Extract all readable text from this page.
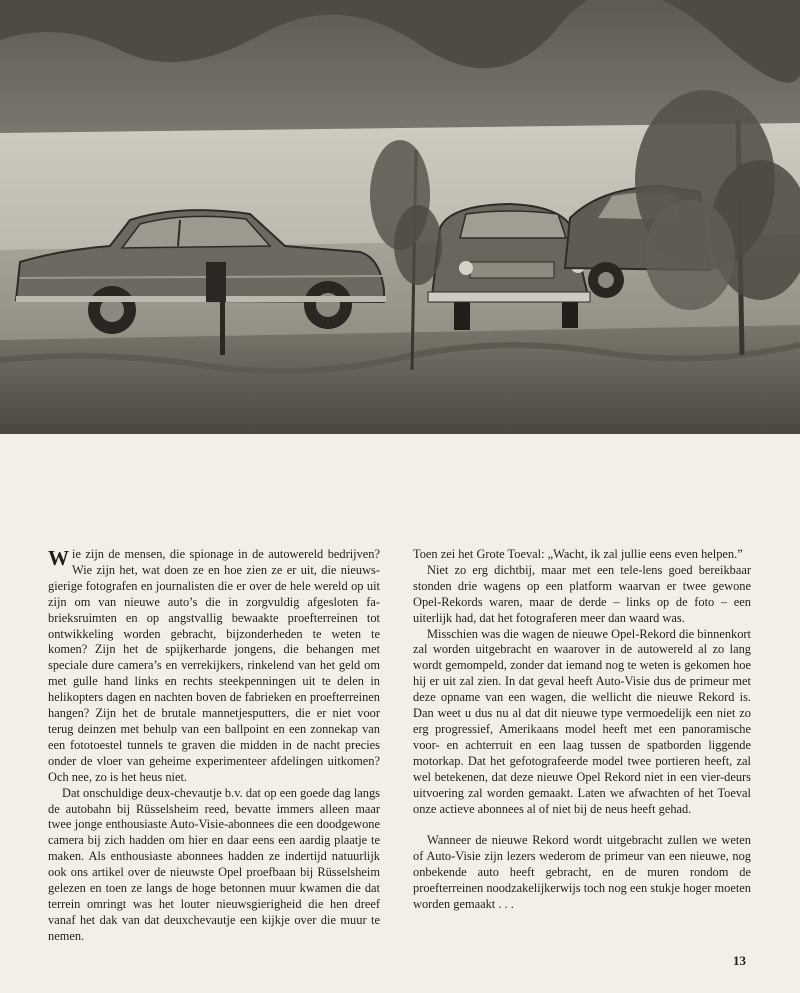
Wie zijn de mensen, die spionage in de autowereld bedrijven? Wie zijn het, wat doen ze en hoe zien ze er uit, die nieuwsgierige fotografen en journalisten die er over de hele wereld op uit zijn om van nieuwe auto’s die in zorgvuldig afgesloten fabrieksruimten en op angstvallig bewaakte proefterreinen tot ontwikkeling worden gebracht, bijzonderheden te weten te komen? Zijn het de spijkerharde jongens, die behangen met speciale dure camera’s en verrekijkers, rinkelend van het geld om met gulle hand links en rechts steekpenningen uit te delen in helikopters dagen en nachten boven de fabrieken en proefterreinen hangen? Zijn het de brutale mannetjesputters, die er niet voor terug deinzen met behulp van een ballpoint en een zonnekap van een fototoestel tunnels te graven die midden in de nacht precies onder de vloer van geheime experimenteer afdelingen uitkomen? Och nee, zo is het heus niet.

Dat onschuldige deux-chevautje b.v. dat op een goede dag langs de autobahn bij Rüsselsheim reed, bevatte immers alleen maar twee jonge enthousiaste Auto-Visie-abonnees die een doodgewone camera bij zich hadden om hier en daar eens een aardig plaatje te maken. Als enthousiaste abonnees hadden ze indertijd natuurlijk ook ons artikel over de nieuwste Opel proefbaan bij Rüsselsheim gelezen en toen ze langs de hoge betonnen muur kwamen die dat terrein omringt was het louter nieuwsgierigheid die hen dreef vanaf het dak van dat deuxchevautje een kijkje over die muur te nemen.

Toen zei het Grote Toeval: „Wacht, ik zal jullie eens even helpen.”

Niet zo erg dichtbij, maar met een tele-lens goed bereikbaar stonden drie wagens op een platform waarvan er twee gewone Opel-Rekords waren, maar de derde – links op de foto – een uiterlijk had, dat het fotograferen meer dan waard was.

Misschien was die wagen de nieuwe Opel-Rekord die binnenkort zal worden uitgebracht en waarover in de autowereld al zo lang wordt gemompeld, zonder dat iemand nog te weten is gekomen hoe hij er uit zal zien. In dat geval heeft Auto-Visie dus de primeur met deze opname van een wagen, die wellicht die nieuwe Rekord is. Dan weet u dus nu al dat dit nieuwe type vermoedelijk een niet zo erg progressief, Amerikaans model heeft met een panoramische voor- en achterruit en een laag tussen de spatborden liggende motorkap. Dat het gefotografeerde model twee portieren heeft, zal wel betekenen, dat deze nieuwe Opel Rekord niet in een vier-deurs uitvoering zal worden gemaakt. Laten we afwachten of het Toeval onze actieve abonnees al of niet bij de neus heeft gehad.

Wanneer de nieuwe Rekord wordt uitgebracht zullen we weten of Auto-Visie zijn lezers wederom de primeur van een nieuwe, nog onbekende auto heeft gebracht, en de muren rondom de proefterreinen noodzakelijkerwijs toch nog een stukje hoger moeten worden gemaakt . . .

13
